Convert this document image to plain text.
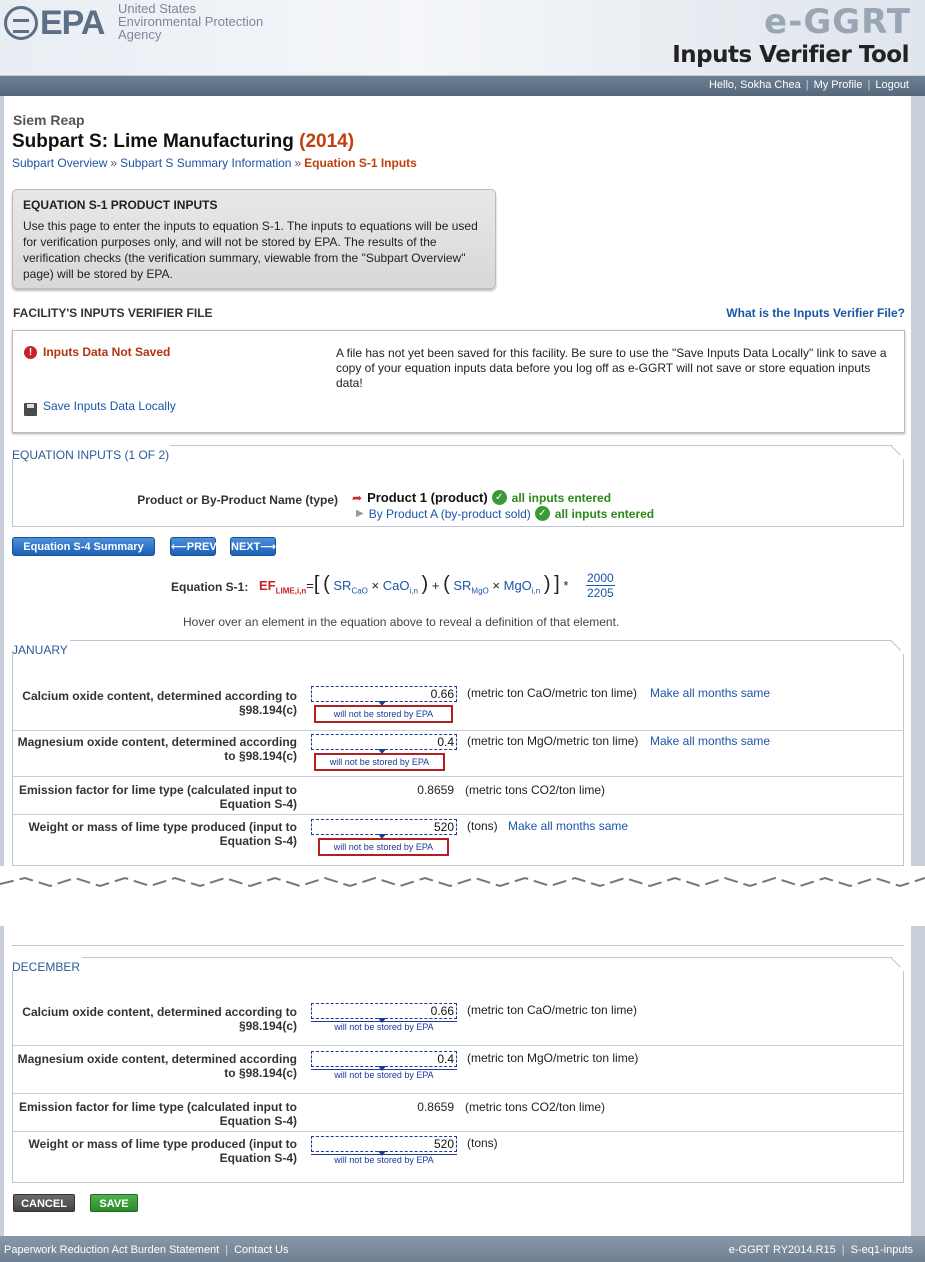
EPA United States
Environmental Protection
Agency	e-GGRT
Inputs Verifier Tool
Hello, Sokha Chea | My Profile | Logout
Siem Reap
Subpart S: Lime Manufacturing (2014)
Subpart Overview » Subpart S Summary Information » Equation S-1 Inputs
EQUATION S-1 PRODUCT INPUTS

Use this page to enter the inputs to equation S-1. The inputs to equations will be used for verification purposes only, and will not be stored by EPA. The results of the verification checks (the verification summary, viewable from the "Subpart Overview" page) will be stored by EPA.

FACILITY'S INPUTS VERIFIER FILE	What is the Inputs Verifier File?
! Inputs Data Not Saved	A file has not yet been saved for this facility. Be sure to use the "Save Inputs Data Locally" link to save a copy of your equation inputs data before you log off as e-GGRT will not save or store equation inputs data!
Save Inputs Data Locally
EQUATION INPUTS (1 OF 2)
Product or By-Product Name (type) ➦ Product 1 (product) ✓ all inputs entered
▶ By Product A (by-product sold) ✓ all inputs entered
Equation S-4 Summary	⟵PREV NEXT⟶
Equation S-1: $EF_{LIME,i,n}=$[ ( $SR_{CaO} \times CaO_{i,n}$ ) + ( $SR_{MgO} \times MgO_{i,n}$ ) ] * $\frac{2000}{2205}$
Hover over an element in the equation above to reveal a definition of that element.
JANUARY
Calcium oxide content, determined according to §98.194(c)
0.66
will not be stored by EPA
(metric ton CaO/metric ton lime) Make all months same
Magnesium oxide content, determined according to §98.194(c)
0.4
will not be stored by EPA
(metric ton MgO/metric ton lime) Make all months same
Emission factor for lime type (calculated input to Equation S-4)
0.8659 (metric tons CO2/ton lime)
Weight or mass of lime type produced (input to Equation S-4)
520
will not be stored by EPA
(tons) Make all months same
DECEMBER
Calcium oxide content, determined according to §98.194(c)
0.66
will not be stored by EPA
(metric ton CaO/metric ton lime)
Magnesium oxide content, determined according to §98.194(c)
0.4
will not be stored by EPA
(metric ton MgO/metric ton lime)
Emission factor for lime type (calculated input to Equation S-4)
0.8659 (metric tons CO2/ton lime)
Weight or mass of lime type produced (input to Equation S-4)
520
will not be stored by EPA
(tons)
CANCEL	SAVE
Paperwork Reduction Act Burden Statement | Contact Us	e-GGRT RY2014.R15 | S-eq1-inputs
